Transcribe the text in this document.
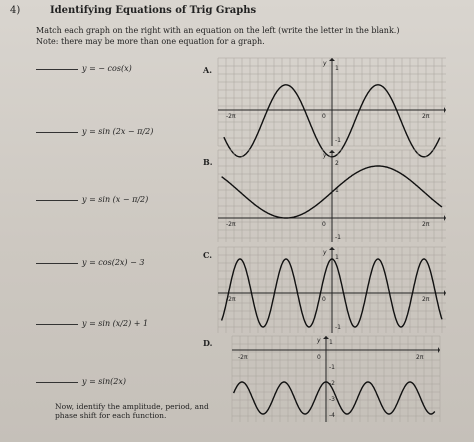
4)	Identifying Equations of Trig Graphs
Match each graph on the right with an equation on the left (write the letter in the blank.)
Note: there may be more than one equation for a graph.
y = − cos(x)
y = sin (2x − π/2)
y = sin (x − π/2)
y = cos(2x) − 3
y = sin (x/2) + 1
y = sin(2x)
A.
B.
C.
D.
y
1
-1
-2π	0	2π
y
2
1
-1
-2π	0	2π
y
1
-1
-2π	0	2π
y 1
-1
-2
-3
-4
-2π	0	2π
Now, identify the amplitude, period, and phase shift for each function.
